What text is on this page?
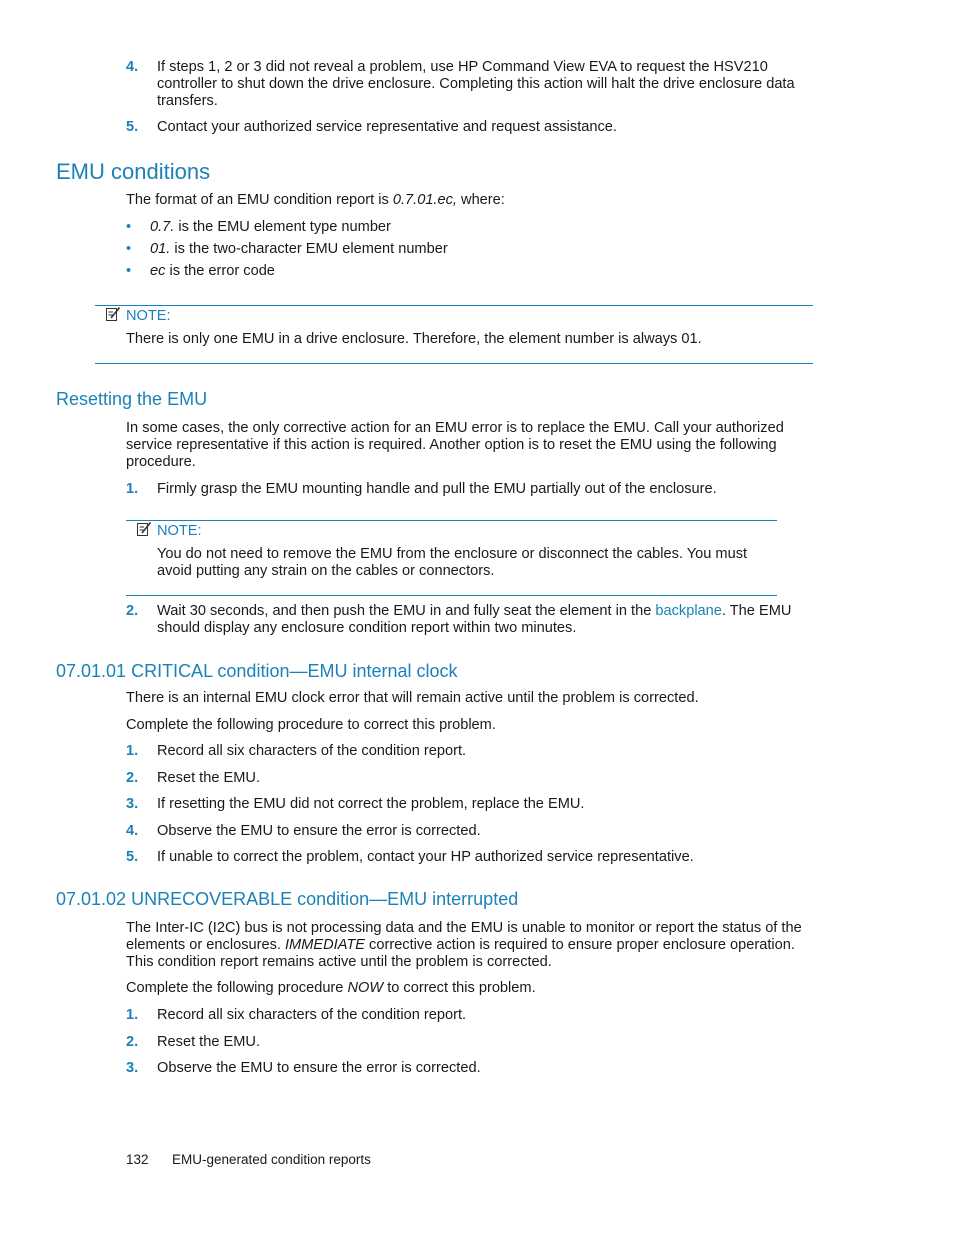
4. If steps 1, 2 or 3 did not reveal a problem, use HP Command View EVA to request the HSV210 controller to shut down the drive enclosure. Completing this action will halt the drive enclosure data transfers.
5. Contact your authorized service representative and request assistance.
EMU conditions

The format of an EMU condition report is 0.7.01.ec, where:

• 0.7. is the EMU element type number
• 01. is the two-character EMU element number
• ec is the error code
NOTE:

There is only one EMU in a drive enclosure. Therefore, the element number is always 01.

Resetting the EMU

In some cases, the only corrective action for an EMU error is to replace the EMU. Call your authorized service representative if this action is required. Another option is to reset the EMU using the following procedure.

1. Firmly grasp the EMU mounting handle and pull the EMU partially out of the enclosure.
NOTE:

You do not need to remove the EMU from the enclosure or disconnect the cables. You must avoid putting any strain on the cables or connectors.

2. Wait 30 seconds, and then push the EMU in and fully seat the element in the backplane. The EMU should display any enclosure condition report within two minutes.
07.01.01 CRITICAL condition—EMU internal clock

There is an internal EMU clock error that will remain active until the problem is corrected.

Complete the following procedure to correct this problem.

1. Record all six characters of the condition report.
2. Reset the EMU.
3. If resetting the EMU did not correct the problem, replace the EMU.
4. Observe the EMU to ensure the error is corrected.
5. If unable to correct the problem, contact your HP authorized service representative.
07.01.02 UNRECOVERABLE condition—EMU interrupted

The Inter-IC (I2C) bus is not processing data and the EMU is unable to monitor or report the status of the elements or enclosures. IMMEDIATE corrective action is required to ensure proper enclosure operation. This condition report remains active until the problem is corrected.

Complete the following procedure NOW to correct this problem.

1. Record all six characters of the condition report.
2. Reset the EMU.
3. Observe the EMU to ensure the error is corrected.
132 EMU-generated condition reports
